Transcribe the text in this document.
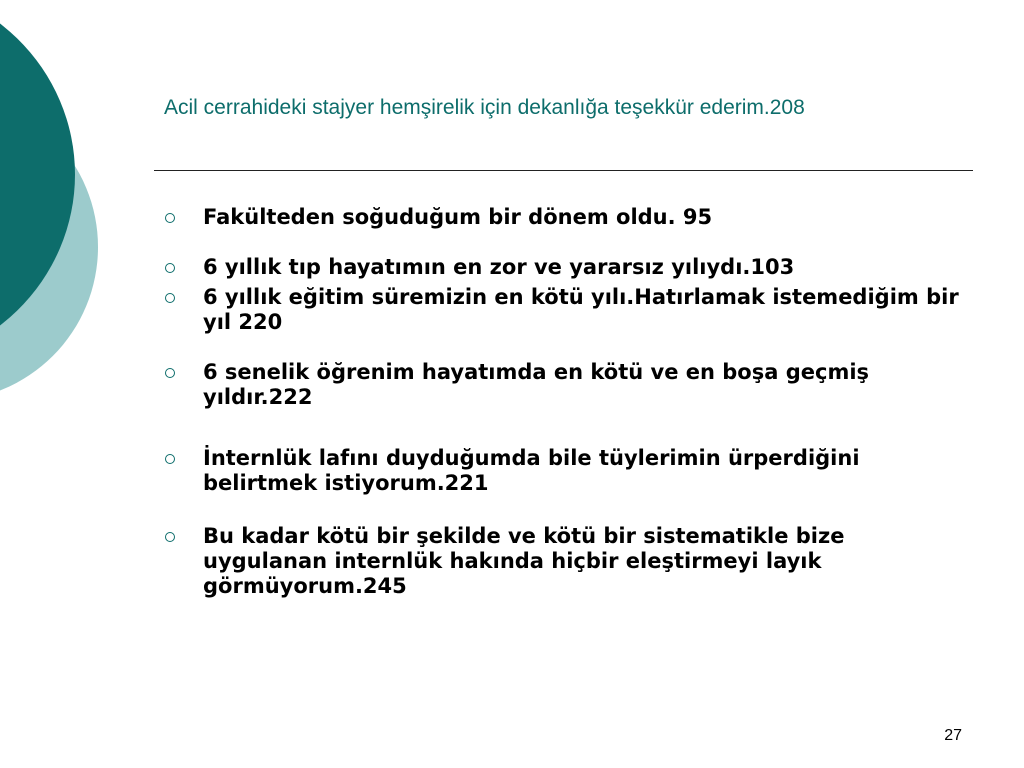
Acil cerrahideki stajyer hemşirelik için dekanlığa teşekkür ederim.208
Fakülteden soğuduğum bir dönem oldu. 95
6 yıllık tıp hayatımın en zor ve yararsız yılıydı.103
6 yıllık eğitim süremizin en kötü yılı.Hatırlamak istemediğim bir yıl 220
6 senelik öğrenim hayatımda en kötü ve en boşa geçmiş yıldır.222
İnternlük lafını duyduğumda bile tüylerimin ürperdiğini belirtmek istiyorum.221
Bu kadar kötü bir şekilde ve kötü bir sistematikle bize uygulanan internlük hakında hiçbir eleştirmeyi layık görmüyorum.245
27
